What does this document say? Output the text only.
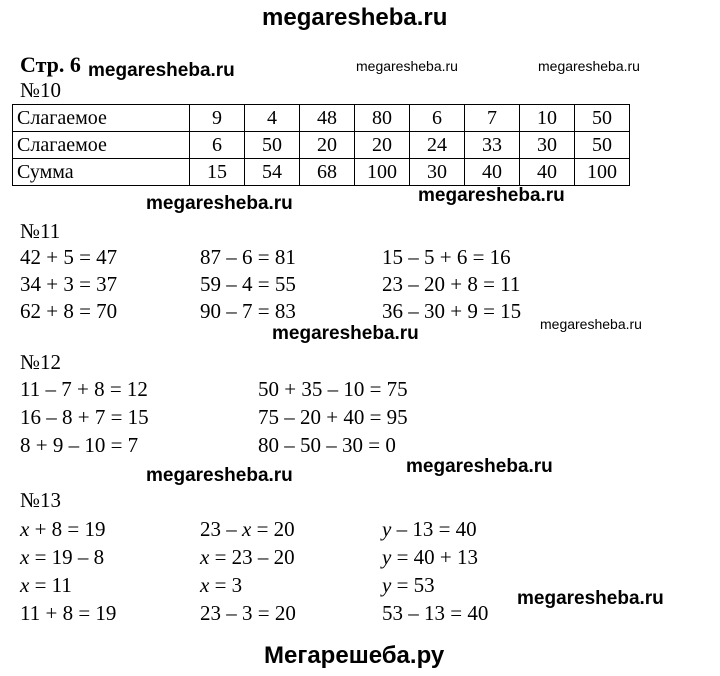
megaresheba.ru
Стр. 6 megaresheba.ru	megaresheba.ru	megaresheba.ru
№10
Слагаемое	9	4	48	80	6	7	10	50
Слагаемое	6	50	20	20	24	33	30	50
Сумма	15	54	68	100	30	40	40	100
megaresheba.ru	megaresheba.ru
№11
megaresheba.ru	megaresheba.ru
№12
megaresheba.ru	megaresheba.ru
№13
megaresheba.ru
Мегарешеба.ру
42 + 5 = 47
34 + 3 = 37
62 + 8 = 70
87 – 6 = 81
59 – 4 = 55
90 – 7 = 83
15 – 5 + 6 = 16
23 – 20 + 8 = 11
36 – 30 + 9 = 15
11 – 7 + 8 = 12
16 – 8 + 7 = 15
8 + 9 – 10 = 7
50 + 35 – 10 = 75
75 – 20 + 40 = 95
80 – 50 – 30 = 0
x + 8 = 19
x = 19 – 8
x = 11
11 + 8 = 19
23 – x = 20
x = 23 – 20
x = 3
23 – 3 = 20
y – 13 = 40
y = 40 + 13
y = 53
53 – 13 = 40
